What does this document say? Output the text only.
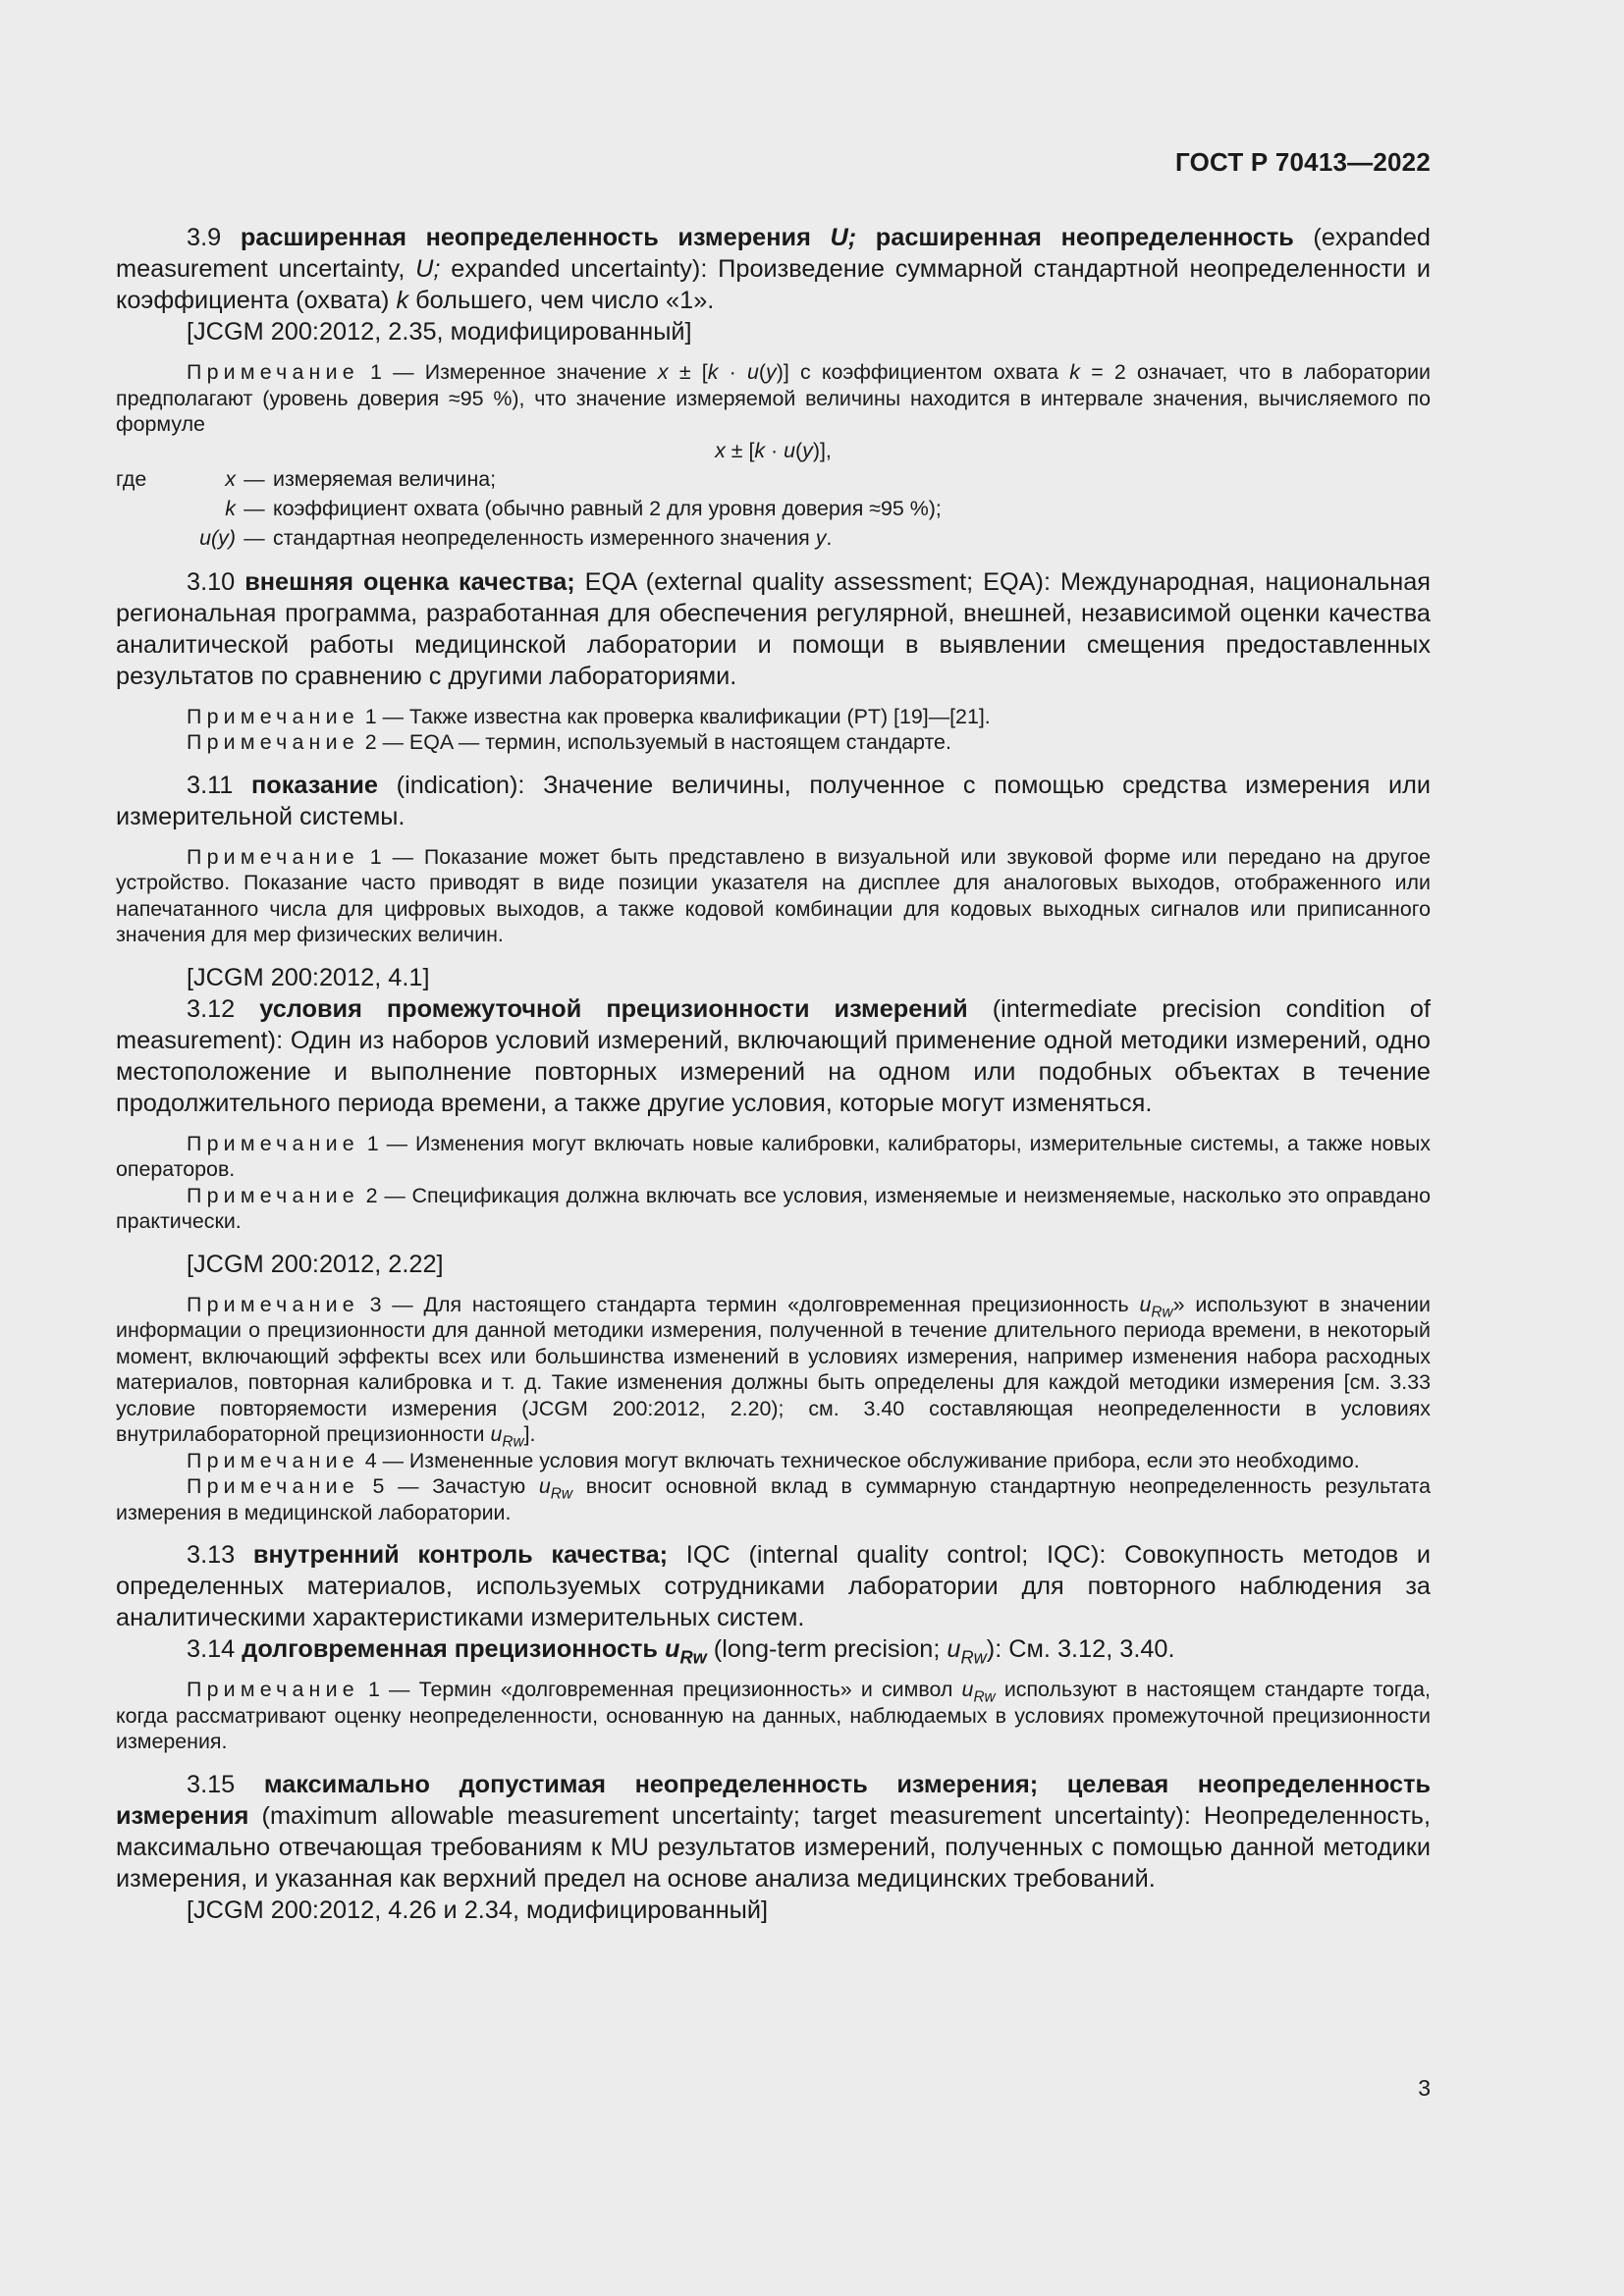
ГОСТ Р 70413—2022

3.9 расширенная неопределенность измерения U; расширенная неопределенность (expanded measurement uncertainty, U; expanded uncertainty): Произведение суммарной стандартной неопределенности и коэффициента (охвата) k большего, чем число «1».

[JCGM 200:2012, 2.35, модифицированный]

Примечание 1 — Измеренное значение x ± [k · u(y)] с коэффициентом охвата k = 2 означает, что в лаборатории предполагают (уровень доверия ≈95 %), что значение измеряемой величины находится в интервале значения, вычисляемого по формуле

x ± [k · u(y)],

где	x — измеряемая величина;
k — коэффициент охвата (обычно равный 2 для уровня доверия ≈95 %);
u(y) — стандартная неопределенность измеренного значения y.

3.10 внешняя оценка качества; EQA (external quality assessment; EQA): Международная, национальная региональная программа, разработанная для обеспечения регулярной, внешней, независимой оценки качества аналитической работы медицинской лаборатории и помощи в выявлении смещения предоставленных результатов по сравнению с другими лабораториями.

Примечание 1 — Также известна как проверка квалификации (PT) [19]—[21].

Примечание 2 — EQA — термин, используемый в настоящем стандарте.

3.11 показание (indication): Значение величины, полученное с помощью средства измерения или измерительной системы.

Примечание 1 — Показание может быть представлено в визуальной или звуковой форме или передано на другое устройство. Показание часто приводят в виде позиции указателя на дисплее для аналоговых выходов, отображенного или напечатанного числа для цифровых выходов, а также кодовой комбинации для кодовых выходных сигналов или приписанного значения для мер физических величин.

[JCGM 200:2012, 4.1]

3.12 условия промежуточной прецизионности измерений (intermediate precision condition of measurement): Один из наборов условий измерений, включающий применение одной методики измерений, одно местоположение и выполнение повторных измерений на одном или подобных объектах в течение продолжительного периода времени, а также другие условия, которые могут изменяться.

Примечание 1 — Изменения могут включать новые калибровки, калибраторы, измерительные системы, а также новых операторов.

Примечание 2 — Спецификация должна включать все условия, изменяемые и неизменяемые, насколько это оправдано практически.

[JCGM 200:2012, 2.22]

Примечание 3 — Для настоящего стандарта термин «долговременная прецизионность $u_{Rw}$» используют в значении информации о прецизионности для данной методики измерения, полученной в течение длительного периода времени, в некоторый момент, включающий эффекты всех или большинства изменений в условиях измерения, например изменения набора расходных материалов, повторная калибровка и т. д. Такие изменения должны быть определены для каждой методики измерения [см. 3.33 условие повторяемости измерения (JCGM 200:2012, 2.20); см. 3.40 составляющая неопределенности в условиях внутрилабораторной прецизионности $u_{Rw}$].

Примечание 4 — Измененные условия могут включать техническое обслуживание прибора, если это необходимо.

Примечание 5 — Зачастую $u_{Rw}$ вносит основной вклад в суммарную стандартную неопределенность результата измерения в медицинской лаборатории.

3.13 внутренний контроль качества; IQC (internal quality control; IQC): Совокупность методов и определенных материалов, используемых сотрудниками лаборатории для повторного наблюдения за аналитическими характеристиками измерительных систем.

3.14 долговременная прецизионность $u_{Rw}$ (long-term precision; $u_{Rw}$): См. 3.12, 3.40.

Примечание 1 — Термин «долговременная прецизионность» и символ $u_{Rw}$ используют в настоящем стандарте тогда, когда рассматривают оценку неопределенности, основанную на данных, наблюдаемых в условиях промежуточной прецизионности измерения.

3.15 максимально допустимая неопределенность измерения; целевая неопределенность измерения (maximum allowable measurement uncertainty; target measurement uncertainty): Неопределенность, максимально отвечающая требованиям к MU результатов измерений, полученных с помощью данной методики измерения, и указанная как верхний предел на основе анализа медицинских требований.

[JCGM 200:2012, 4.26 и 2.34, модифицированный]

3
